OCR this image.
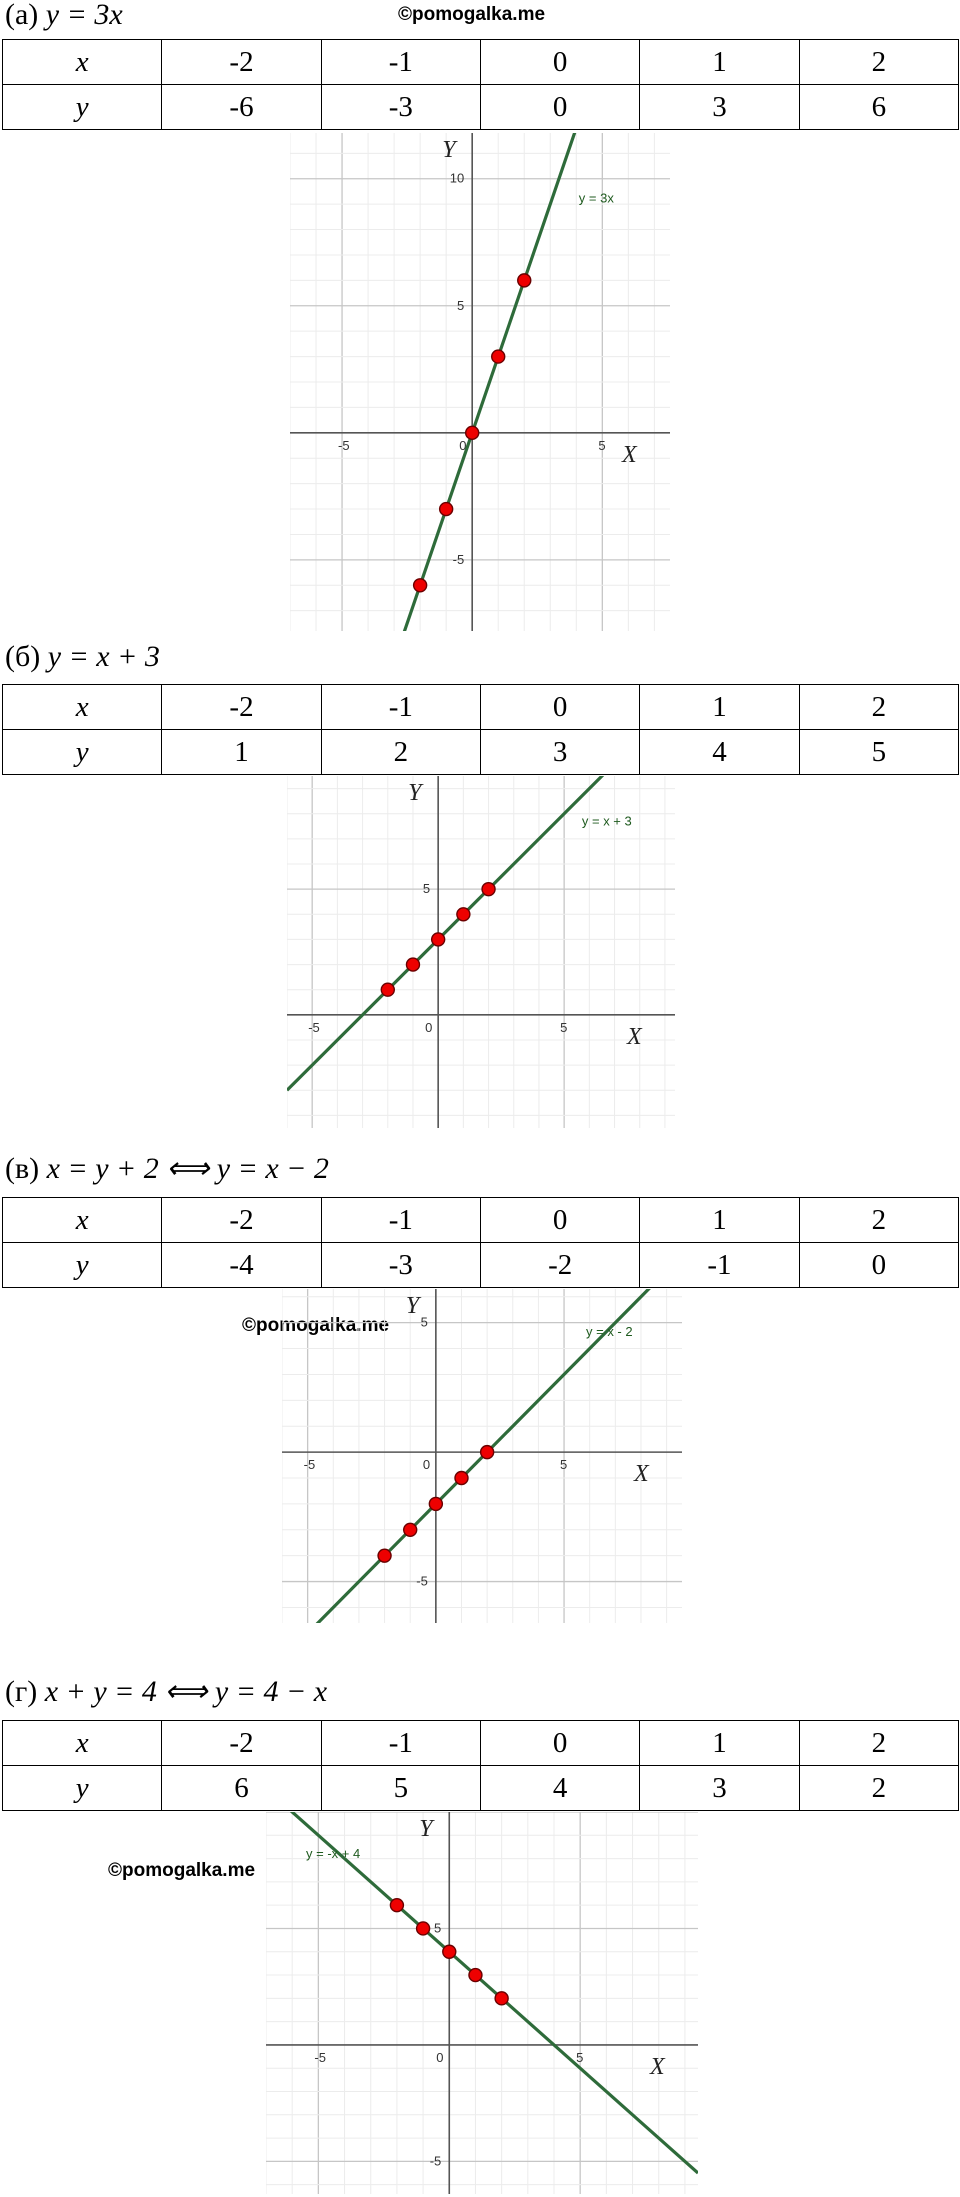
(а) y = 3x	©pomogalka.me
x	-2	-1	0	1	2
y	-6	-3	0	3	6
-5	0	5
10
5
-5
X
Y
y = 3x
(б) y = x + 3
x	-2	-1	0	1	2
y	1	2	3	4	5
-5	0	5
5
X
Y
y = x + 3
(в) x = y + 2 ⟺ y = x − 2
x	-2	-1	0	1	2
y	-4	-3	-2	-1	0
©pomogalka.me
-5	0	5
5
-5
X
Y
y = x - 2
(г) x + y = 4 ⟺ y = 4 − x
x	-2	-1	0	1	2
y	6	5	4	3	2
©pomogalka.me
-5	0	5
5
-5
X
Y
y = -x + 4
